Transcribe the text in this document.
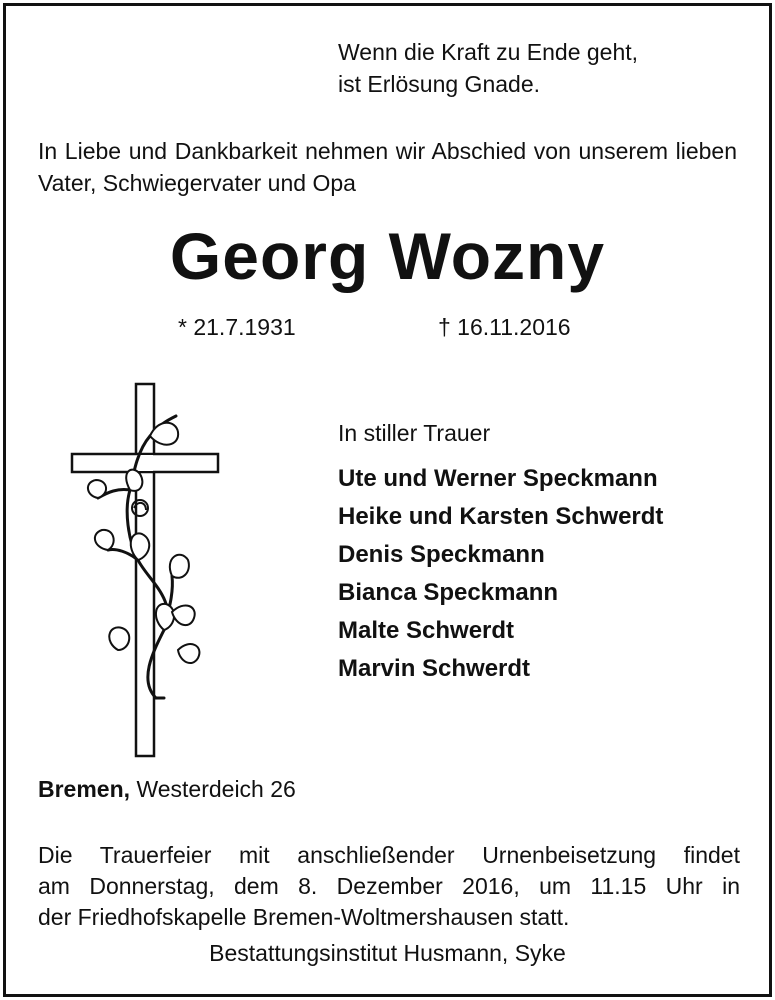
Wenn die Kraft zu Ende geht,
ist Erlösung Gnade.
In Liebe und Dankbarkeit nehmen wir Abschied von unserem lieben Vater, Schwiegervater und Opa
Georg Wozny
* 21.7.1931	† 16.11.2016
In stiller Trauer
Ute und Werner Speckmann
Heike und Karsten Schwerdt
Denis Speckmann
Bianca Speckmann
Malte Schwerdt
Marvin Schwerdt
Bremen, Westerdeich 26
Die Trauerfeier mit anschließender Urnenbeisetzung findet
am Donnerstag, dem 8. Dezember 2016, um 11.15 Uhr in
der Friedhofskapelle Bremen-Woltmershausen statt.
Bestattungsinstitut Husmann, Syke
